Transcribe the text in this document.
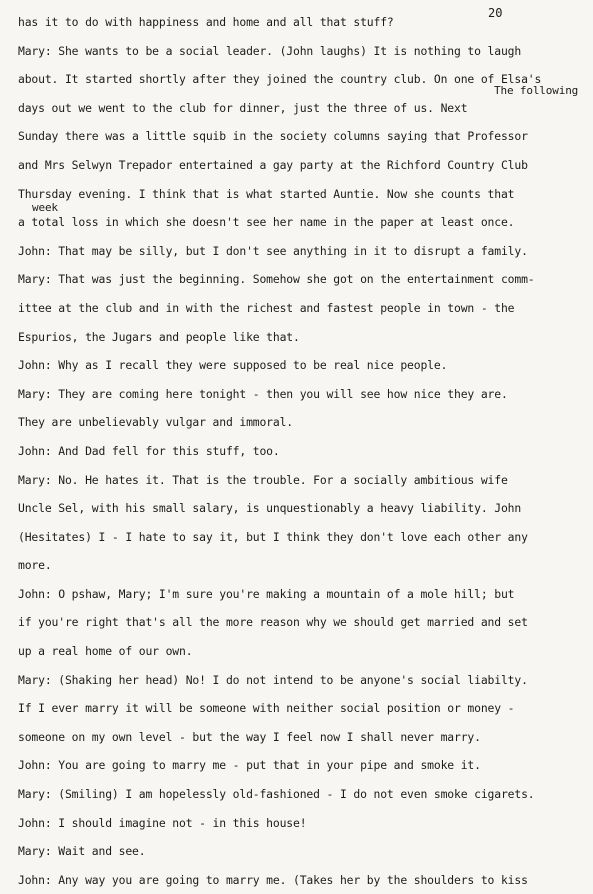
20
has it to do with happiness and home and all that stuff?
Mary: She wants to be a social leader. (John laughs) It is nothing to laugh
about. It started shortly after they joined the country club. On one of Elsa's
days out we went to the club for dinner, just the three of us. Next
The following
Sunday there was a little squib in the society columns saying that Professor
and Mrs Selwyn Trepador entertained a gay party at the Richford Country Club
Thursday evening. I think that is what started Auntie. Now she counts that
week
a total loss in which she doesn't see her name in the paper at least once.
John: That may be silly, but I don't see anything in it to disrupt a family.
Mary: That was just the beginning. Somehow she got on the entertainment comm-
ittee at the club and in with the richest and fastest people in town - the
Espurios, the Jugars and people like that.
John: Why as I recall they were supposed to be real nice people.
Mary: They are coming here tonight - then you will see how nice they are.
They are unbelievably vulgar and immoral.
John: And Dad fell for this stuff, too.
Mary: No. He hates it. That is the trouble. For a socially ambitious wife
Uncle Sel, with his small salary, is unquestionably a heavy liability. John
(Hesitates) I - I hate to say it, but I think they don't love each other any
more.
John: O pshaw, Mary; I'm sure you're making a mountain of a mole hill; but
if you're right that's all the more reason why we should get married and set
up a real home of our own.
Mary: (Shaking her head) No! I do not intend to be anyone's social liabilty.
If I ever marry it will be someone with neither social position or money -
someone on my own level - but the way I feel now I shall never marry.
John: You are going to marry me - put that in your pipe and smoke it.
Mary: (Smiling) I am hopelessly old-fashioned - I do not even smoke cigarets.
John: I should imagine not - in this house!
Mary: Wait and see.
John: Any way you are going to marry me. (Takes her by the shoulders to kiss
